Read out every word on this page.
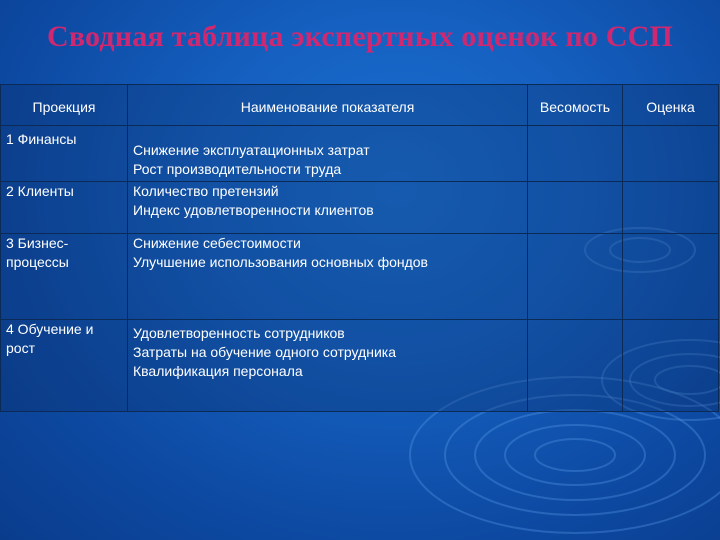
Сводная таблица экспертных оценок по ССП
Проекция	Наименование показателя	Весомость	Оценка

1 Финансы	Снижение эксплуатационных затрат
Рост производительности труда		

2 Клиенты	Количество претензий
Индекс удовлетворенности клиентов		

3 Бизнес-
процессы	Снижение себестоимости
Улучшение использования основных фондов		

4 Обучение и
рост	Удовлетворенность сотрудников
Затраты на обучение одного сотрудника
Квалификация персонала		
